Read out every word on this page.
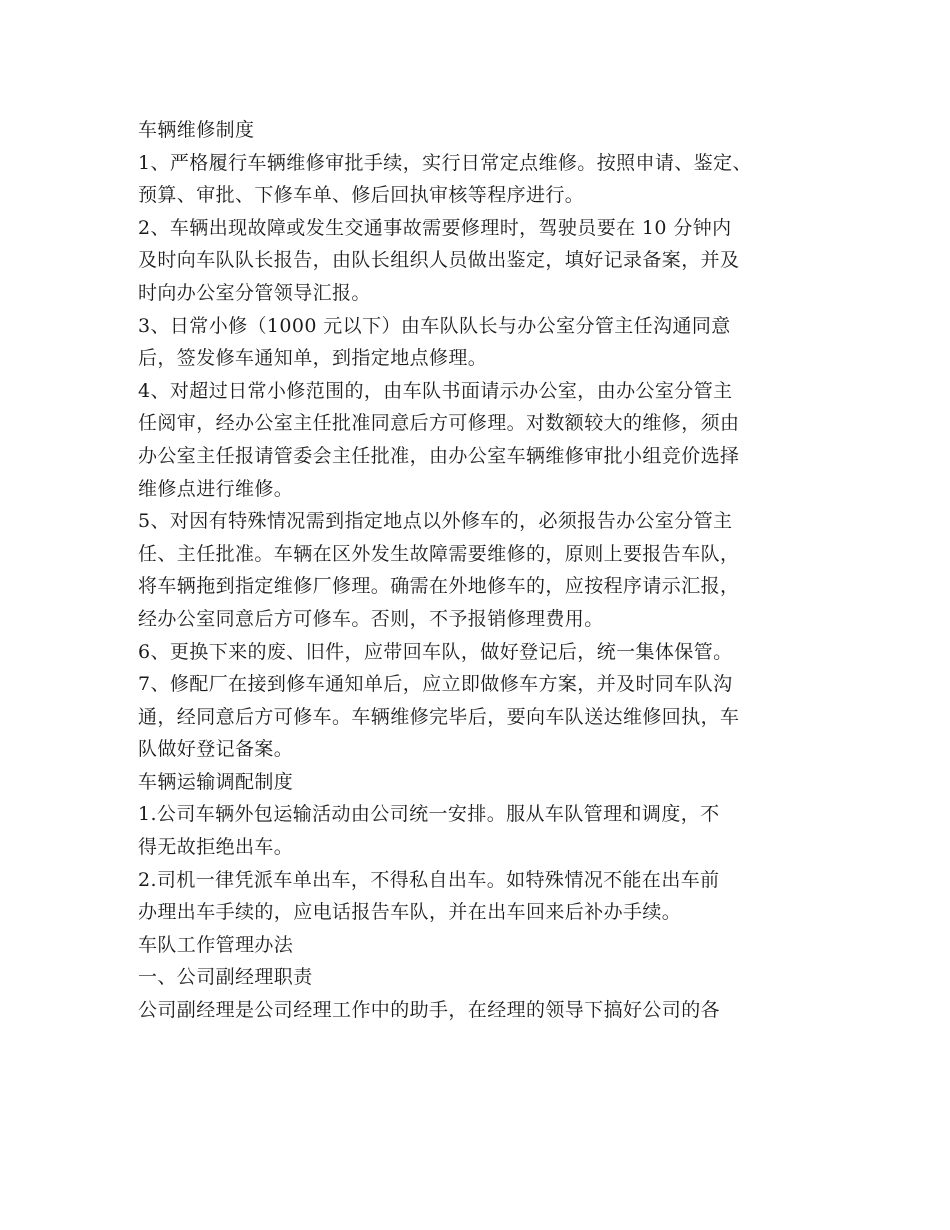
车辆维修制度
1、严格履行车辆维修审批手续，实行日常定点维修。按照申请、鉴定、
预算、审批、下修车单、修后回执审核等程序进行。
2、车辆出现故障或发生交通事故需要修理时，驾驶员要在 10 分钟内
及时向车队队长报告，由队长组织人员做出鉴定，填好记录备案，并及
时向办公室分管领导汇报。
3、日常小修（1000 元以下）由车队队长与办公室分管主任沟通同意
后，签发修车通知单，到指定地点修理。
4、对超过日常小修范围的，由车队书面请示办公室，由办公室分管主
任阅审，经办公室主任批准同意后方可修理。对数额较大的维修，须由
办公室主任报请管委会主任批准，由办公室车辆维修审批小组竞价选择
维修点进行维修。
5、对因有特殊情况需到指定地点以外修车的，必须报告办公室分管主
任、主任批准。车辆在区外发生故障需要维修的，原则上要报告车队，
将车辆拖到指定维修厂修理。确需在外地修车的，应按程序请示汇报，
经办公室同意后方可修车。否则，不予报销修理费用。
6、更换下来的废、旧件，应带回车队，做好登记后，统一集体保管。
7、修配厂在接到修车通知单后，应立即做修车方案，并及时同车队沟
通，经同意后方可修车。车辆维修完毕后，要向车队送达维修回执，车
队做好登记备案。
车辆运输调配制度
1.公司车辆外包运输活动由公司统一安排。服从车队管理和调度，不
得无故拒绝出车。
2.司机一律凭派车单出车，不得私自出车。如特殊情况不能在出车前
办理出车手续的，应电话报告车队，并在出车回来后补办手续。
车队工作管理办法
一、公司副经理职责
公司副经理是公司经理工作中的助手，在经理的领导下搞好公司的各
